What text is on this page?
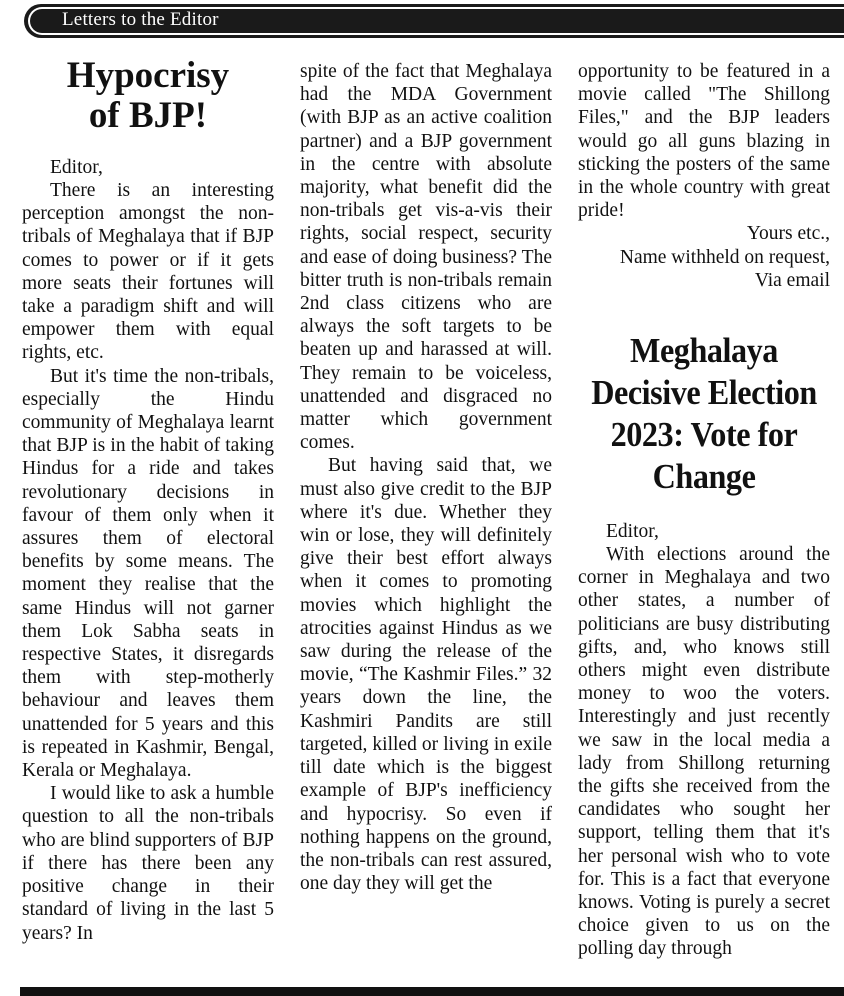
Letters to the Editor
Hypocrisy
of BJP!

Editor,

There is an interesting perception amongst the non-tribals of Meghalaya that if BJP comes to power or if it gets more seats their fortunes will take a paradigm shift and will empower them with equal rights, etc.

But it's time the non-tribals, especially the Hindu community of Meghalaya learnt that BJP is in the habit of taking Hindus for a ride and takes revolutionary decisions in favour of them only when it assures them of electoral benefits by some means. The moment they realise that the same Hindus will not garner them Lok Sabha seats in respective States, it disregards them with step-motherly behaviour and leaves them unattended for 5 years and this is repeated in Kashmir, Bengal, Kerala or Meghalaya.

I would like to ask a humble question to all the non-tribals who are blind supporters of BJP if there has there been any positive change in their standard of living in the last 5 years? In

spite of the fact that Meghalaya had the MDA Government (with BJP as an active coalition partner) and a BJP government in the centre with absolute majority, what benefit did the non-tribals get vis-a-vis their rights, social respect, security and ease of doing business? The bitter truth is non-tribals remain 2nd class citizens who are always the soft targets to be beaten up and harassed at will. They remain to be voiceless, unattended and disgraced no matter which government comes.

But having said that, we must also give credit to the BJP where it's due. Whether they win or lose, they will definitely give their best effort always when it comes to promoting movies which highlight the atrocities against Hindus as we saw during the release of the movie, “The Kashmir Files.” 32 years down the line, the Kashmiri Pandits are still targeted, killed or living in exile till date which is the biggest example of BJP's inefficiency and hypocrisy. So even if nothing happens on the ground, the non-tribals can rest assured, one day they will get the

opportunity to be featured in a movie called "The Shillong Files," and the BJP leaders would go all guns blazing in sticking the posters of the same in the whole country with great pride!

Yours etc.,

Name withheld on request,

Via email

Meghalaya
Decisive Election
2023: Vote for
Change

Editor,

With elections around the corner in Meghalaya and two other states, a number of politicians are busy distributing gifts, and, who knows still others might even distribute money to woo the voters. Interestingly and just recently we saw in the local media a lady from Shillong returning the gifts she received from the candidates who sought her support, telling them that it's her personal wish who to vote for. This is a fact that everyone knows. Voting is purely a secret choice given to us on the polling day through
